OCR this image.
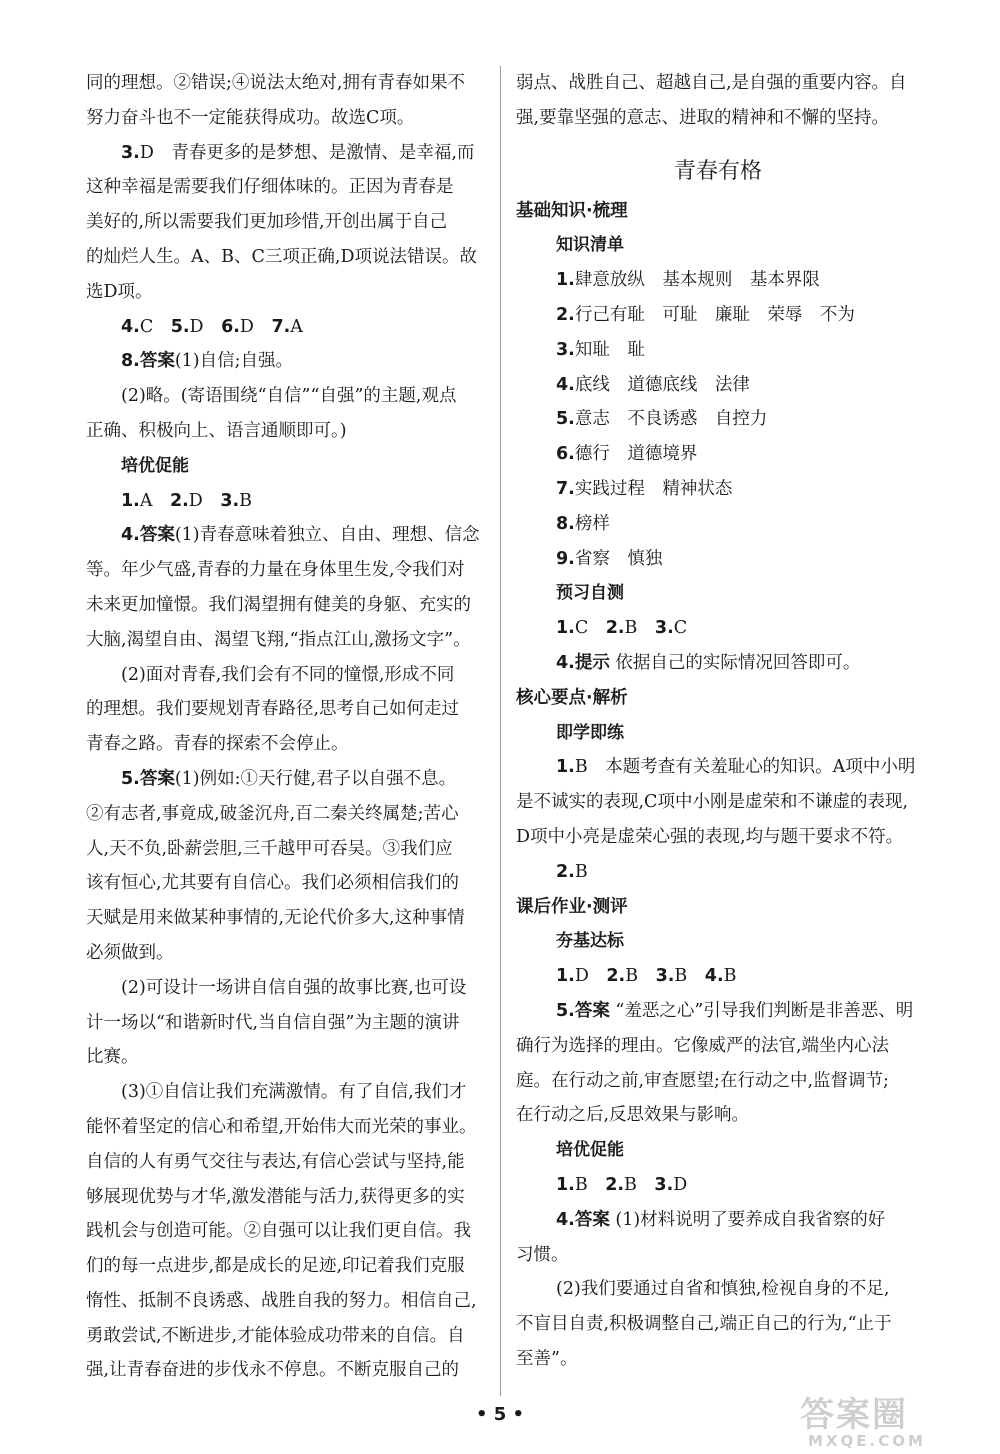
同的理想。②错误;④说法太绝对,拥有青春如果不
努力奋斗也不一定能获得成功。故选C项。
3.D　青春更多的是梦想、是激情、是幸福,而
这种幸福是需要我们仔细体味的。正因为青春是
美好的,所以需要我们更加珍惜,开创出属于自己
的灿烂人生。A、B、C三项正确,D项说法错误。故
选D项。
4.C　5.D　6.D　7.A
8.答案(1)自信;自强。
(2)略。(寄语围绕“自信”“自强”的主题,观点
正确、积极向上、语言通顺即可。)
培优促能
1.A　2.D　3.B
4.答案(1)青春意味着独立、自由、理想、信念
等。年少气盛,青春的力量在身体里生发,令我们对
未来更加憧憬。我们渴望拥有健美的身躯、充实的
大脑,渴望自由、渴望飞翔,“指点江山,激扬文字”。
(2)面对青春,我们会有不同的憧憬,形成不同
的理想。我们要规划青春路径,思考自己如何走过
青春之路。青春的探索不会停止。
5.答案(1)例如:①天行健,君子以自强不息。
②有志者,事竟成,破釜沉舟,百二秦关终属楚;苦心
人,天不负,卧薪尝胆,三千越甲可吞吴。③我们应
该有恒心,尤其要有自信心。我们必须相信我们的
天赋是用来做某种事情的,无论代价多大,这种事情
必须做到。
(2)可设计一场讲自信自强的故事比赛,也可设
计一场以“和谐新时代,当自信自强”为主题的演讲
比赛。
(3)①自信让我们充满激情。有了自信,我们才
能怀着坚定的信心和希望,开始伟大而光荣的事业。
自信的人有勇气交往与表达,有信心尝试与坚持,能
够展现优势与才华,激发潜能与活力,获得更多的实
践机会与创造可能。②自强可以让我们更自信。我
们的每一点进步,都是成长的足迹,印记着我们克服
惰性、抵制不良诱惑、战胜自我的努力。相信自己,
勇敢尝试,不断进步,才能体验成功带来的自信。自
强,让青春奋进的步伐永不停息。不断克服自己的
弱点、战胜自己、超越自己,是自强的重要内容。自
强,要靠坚强的意志、进取的精神和不懈的坚持。
青春有格
基础知识·梳理
知识清单
1.肆意放纵　基本规则　基本界限
2.行己有耻　可耻　廉耻　荣辱　不为
3.知耻　耻
4.底线　道德底线　法律
5.意志　不良诱惑　自控力
6.德行　道德境界
7.实践过程　精神状态
8.榜样
9.省察　慎独
预习自测
1.C　2.B　3.C
4.提示 依据自己的实际情况回答即可。
核心要点·解析
即学即练
1.B　本题考查有关羞耻心的知识。A项中小明
是不诚实的表现,C项中小刚是虚荣和不谦虚的表现,
D项中小亮是虚荣心强的表现,均与题干要求不符。
2.B
课后作业·测评
夯基达标
1.D　2.B　3.B　4.B
5.答案 “羞恶之心”引导我们判断是非善恶、明
确行为选择的理由。它像威严的法官,端坐内心法
庭。在行动之前,审查愿望;在行动之中,监督调节;
在行动之后,反思效果与影响。
培优促能
1.B　2.B　3.D
4.答案 (1)材料说明了要养成自我省察的好
习惯。
(2)我们要通过自省和慎独,检视自身的不足,
不盲目自责,积极调整自己,端正自己的行为,“止于
至善”。
• 5 •	答案圈
MXQE.COM
